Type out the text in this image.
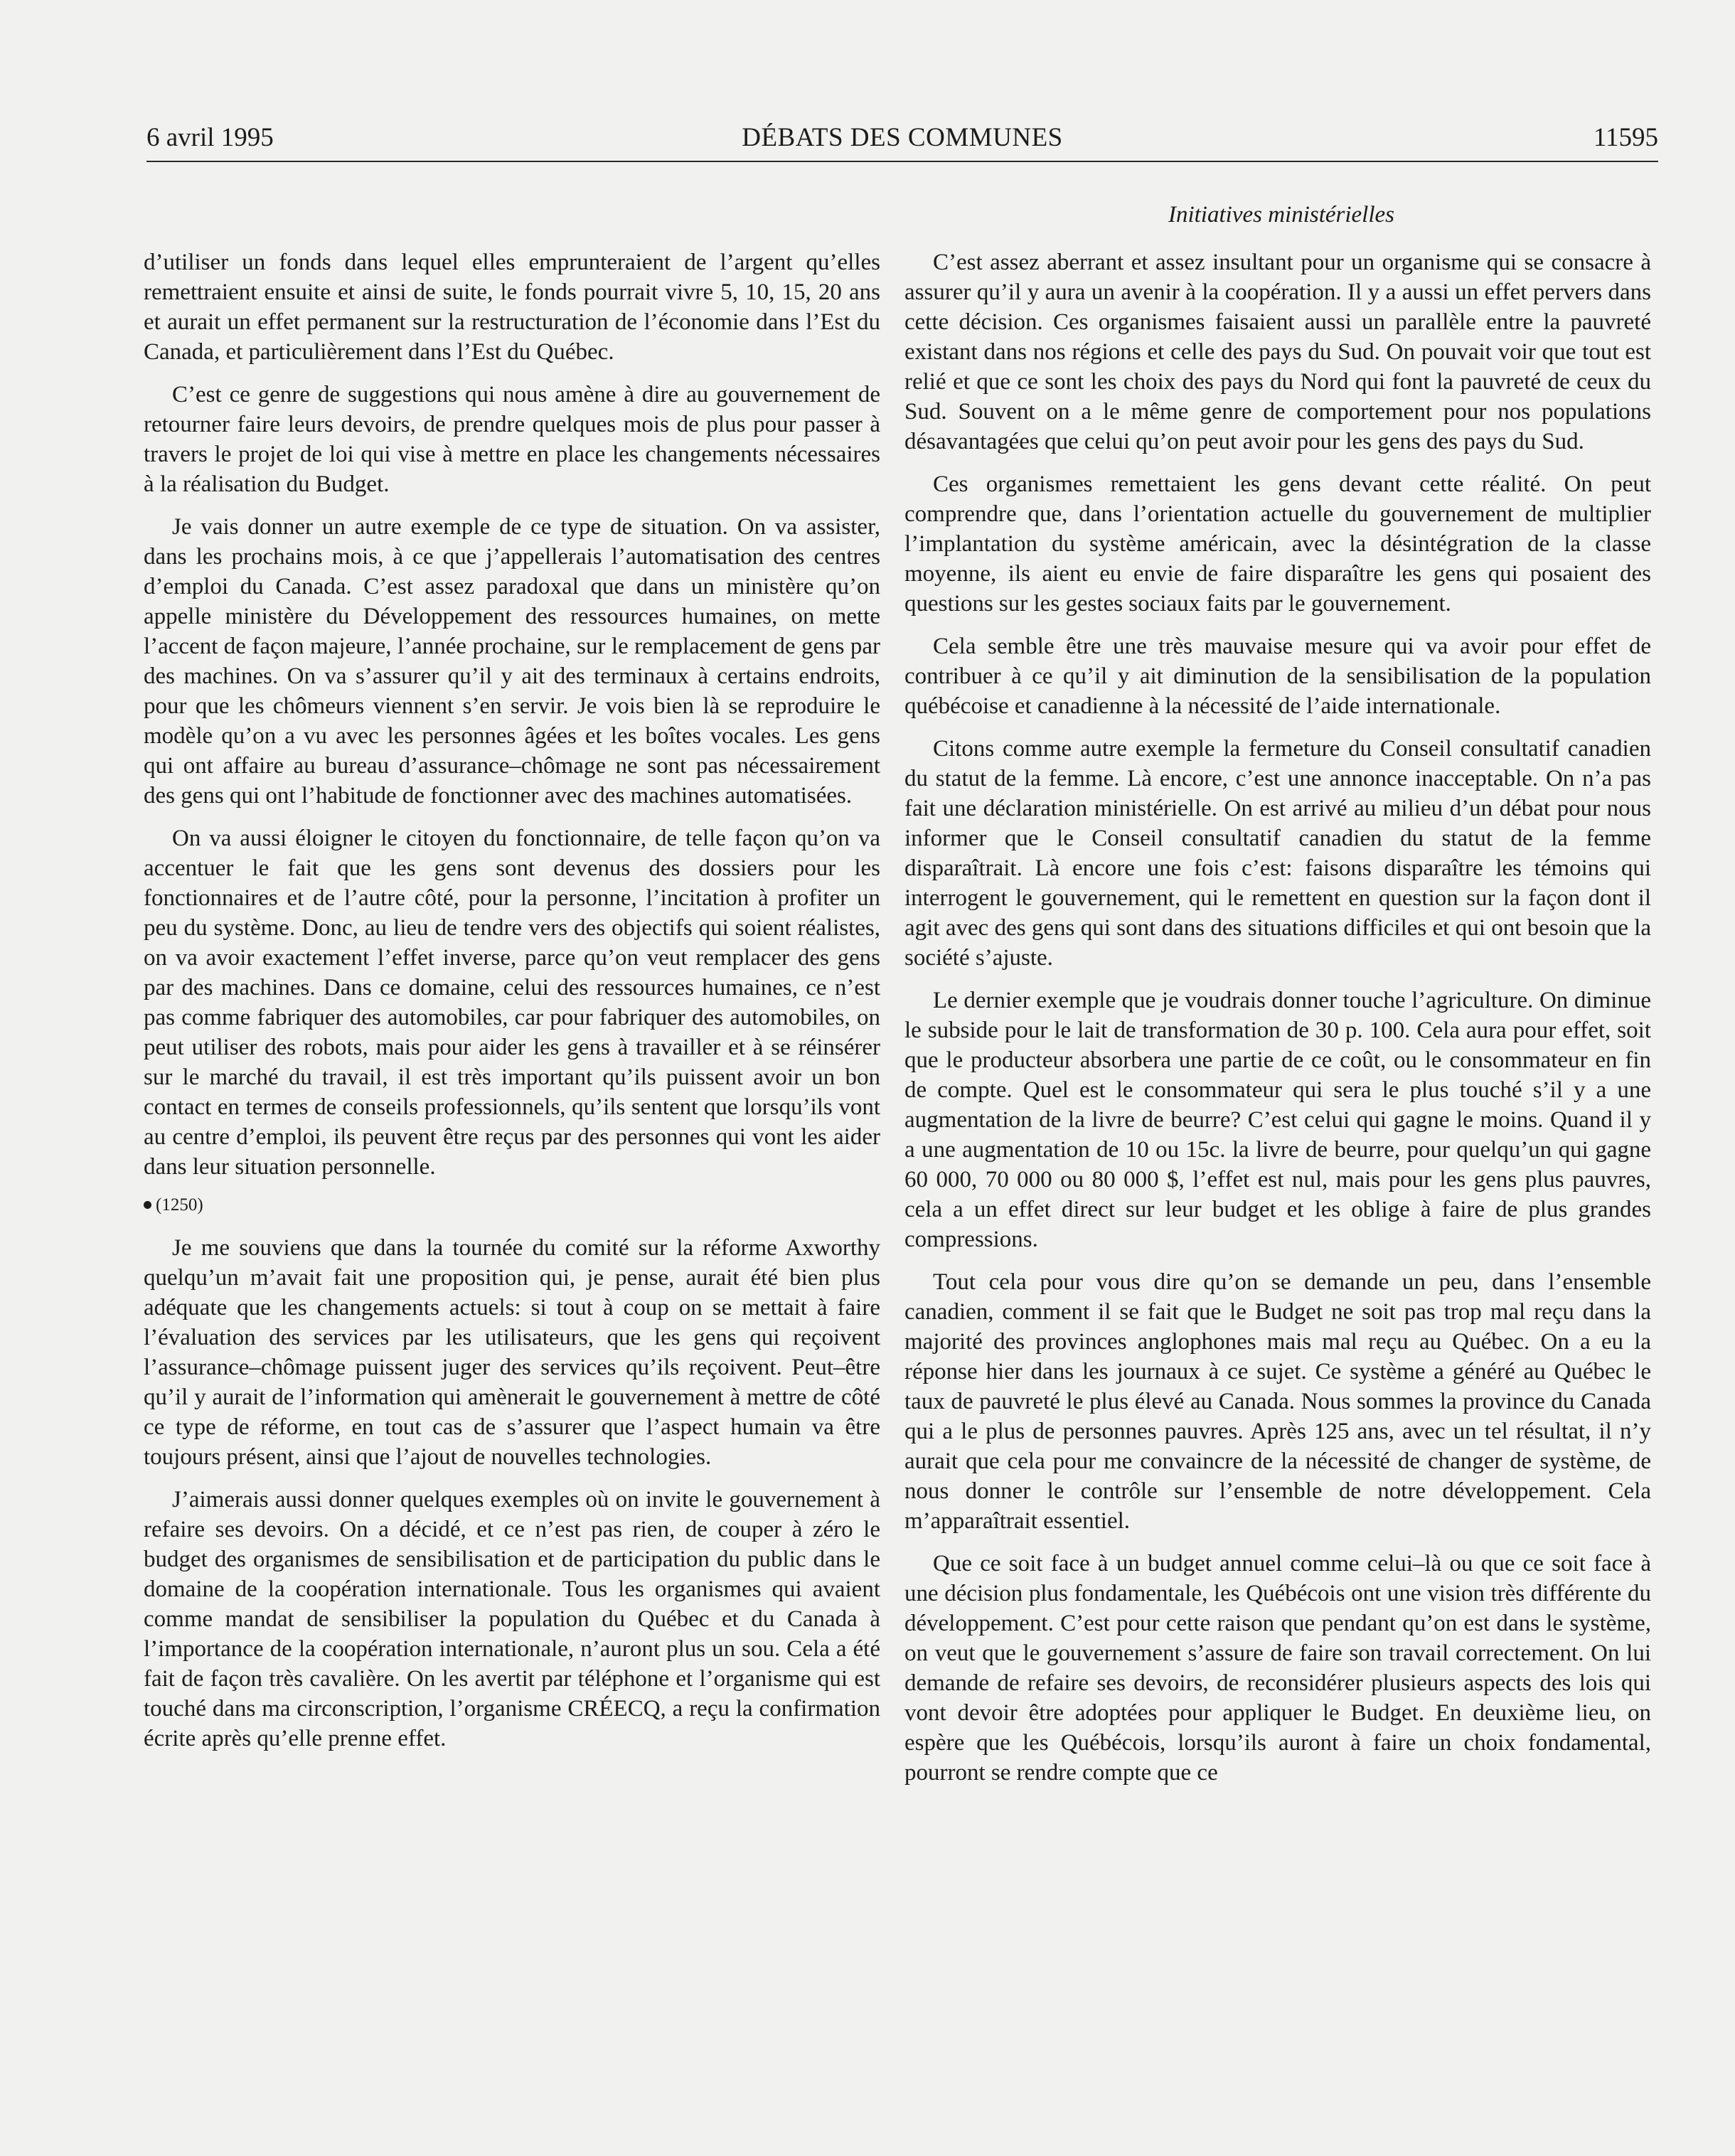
6 avril 1995	DÉBATS DES COMMUNES	11595
Initiatives ministérielles

d’utiliser un fonds dans lequel elles emprunteraient de l’argent qu’elles remettraient ensuite et ainsi de suite, le fonds pourrait vivre 5, 10, 15, 20 ans et aurait un effet permanent sur la restructuration de l’économie dans l’Est du Canada, et particulièrement dans l’Est du Québec.

C’est ce genre de suggestions qui nous amène à dire au gouvernement de retourner faire leurs devoirs, de prendre quelques mois de plus pour passer à travers le projet de loi qui vise à mettre en place les changements nécessaires à la réalisation du Budget.

Je vais donner un autre exemple de ce type de situation. On va assister, dans les prochains mois, à ce que j’appellerais l’automatisation des centres d’emploi du Canada. C’est assez paradoxal que dans un ministère qu’on appelle ministère du Développement des ressources humaines, on mette l’accent de façon majeure, l’année prochaine, sur le remplacement de gens par des machines. On va s’assurer qu’il y ait des terminaux à certains endroits, pour que les chômeurs viennent s’en servir. Je vois bien là se reproduire le modèle qu’on a vu avec les personnes âgées et les boîtes vocales. Les gens qui ont affaire au bureau d’assurance–chômage ne sont pas nécessairement des gens qui ont l’habitude de fonctionner avec des machines automatisées.

On va aussi éloigner le citoyen du fonctionnaire, de telle façon qu’on va accentuer le fait que les gens sont devenus des dossiers pour les fonctionnaires et de l’autre côté, pour la personne, l’incitation à profiter un peu du système. Donc, au lieu de tendre vers des objectifs qui soient réalistes, on va avoir exactement l’effet inverse, parce qu’on veut remplacer des gens par des machines. Dans ce domaine, celui des ressources humaines, ce n’est pas comme fabriquer des automobiles, car pour fabriquer des automobiles, on peut utiliser des robots, mais pour aider les gens à travailler et à se réinsérer sur le marché du travail, il est très important qu’ils puissent avoir un bon contact en termes de conseils professionnels, qu’ils sentent que lorsqu’ils vont au centre d’emploi, ils peuvent être reçus par des personnes qui vont les aider dans leur situation personnelle.

(1250)

Je me souviens que dans la tournée du comité sur la réforme Axworthy quelqu’un m’avait fait une proposition qui, je pense, aurait été bien plus adéquate que les changements actuels: si tout à coup on se mettait à faire l’évaluation des services par les utilisateurs, que les gens qui reçoivent l’assurance–chômage puissent juger des services qu’ils reçoivent. Peut–être qu’il y aurait de l’information qui amènerait le gouvernement à mettre de côté ce type de réforme, en tout cas de s’assurer que l’aspect humain va être toujours présent, ainsi que l’ajout de nouvelles technologies.

J’aimerais aussi donner quelques exemples où on invite le gouvernement à refaire ses devoirs. On a décidé, et ce n’est pas rien, de couper à zéro le budget des organismes de sensibilisation et de participation du public dans le domaine de la coopération internationale. Tous les organismes qui avaient comme mandat de sensibiliser la population du Québec et du Canada à l’importance de la coopération internationale, n’auront plus un sou. Cela a été fait de façon très cavalière. On les avertit par téléphone et l’organisme qui est touché dans ma circonscription, l’organisme CRÉECQ, a reçu la confirmation écrite après qu’elle prenne effet.

C’est assez aberrant et assez insultant pour un organisme qui se consacre à assurer qu’il y aura un avenir à la coopération. Il y a aussi un effet pervers dans cette décision. Ces organismes faisaient aussi un parallèle entre la pauvreté existant dans nos régions et celle des pays du Sud. On pouvait voir que tout est relié et que ce sont les choix des pays du Nord qui font la pauvreté de ceux du Sud. Souvent on a le même genre de comportement pour nos populations désavantagées que celui qu’on peut avoir pour les gens des pays du Sud.

Ces organismes remettaient les gens devant cette réalité. On peut comprendre que, dans l’orientation actuelle du gouvernement de multiplier l’implantation du système américain, avec la désintégration de la classe moyenne, ils aient eu envie de faire disparaître les gens qui posaient des questions sur les gestes sociaux faits par le gouvernement.

Cela semble être une très mauvaise mesure qui va avoir pour effet de contribuer à ce qu’il y ait diminution de la sensibilisation de la population québécoise et canadienne à la nécessité de l’aide internationale.

Citons comme autre exemple la fermeture du Conseil consultatif canadien du statut de la femme. Là encore, c’est une annonce inacceptable. On n’a pas fait une déclaration ministérielle. On est arrivé au milieu d’un débat pour nous informer que le Conseil consultatif canadien du statut de la femme disparaîtrait. Là encore une fois c’est: faisons disparaître les témoins qui interrogent le gouvernement, qui le remettent en question sur la façon dont il agit avec des gens qui sont dans des situations difficiles et qui ont besoin que la société s’ajuste.

Le dernier exemple que je voudrais donner touche l’agriculture. On diminue le subside pour le lait de transformation de 30 p. 100. Cela aura pour effet, soit que le producteur absorbera une partie de ce coût, ou le consommateur en fin de compte. Quel est le consommateur qui sera le plus touché s’il y a une augmentation de la livre de beurre? C’est celui qui gagne le moins. Quand il y a une augmentation de 10 ou 15c. la livre de beurre, pour quelqu’un qui gagne 60 000, 70 000 ou 80 000 $, l’effet est nul, mais pour les gens plus pauvres, cela a un effet direct sur leur budget et les oblige à faire de plus grandes compressions.

Tout cela pour vous dire qu’on se demande un peu, dans l’ensemble canadien, comment il se fait que le Budget ne soit pas trop mal reçu dans la majorité des provinces anglophones mais mal reçu au Québec. On a eu la réponse hier dans les journaux à ce sujet. Ce système a généré au Québec le taux de pauvreté le plus élevé au Canada. Nous sommes la province du Canada qui a le plus de personnes pauvres. Après 125 ans, avec un tel résultat, il n’y aurait que cela pour me convaincre de la nécessité de changer de système, de nous donner le contrôle sur l’ensemble de notre développement. Cela m’apparaîtrait essentiel.

Que ce soit face à un budget annuel comme celui–là ou que ce soit face à une décision plus fondamentale, les Québécois ont une vision très différente du développement. C’est pour cette raison que pendant qu’on est dans le système, on veut que le gouvernement s’assure de faire son travail correctement. On lui demande de refaire ses devoirs, de reconsidérer plusieurs aspects des lois qui vont devoir être adoptées pour appliquer le Budget. En deuxième lieu, on espère que les Québécois, lorsqu’ils auront à faire un choix fondamental, pourront se rendre compte que ce
